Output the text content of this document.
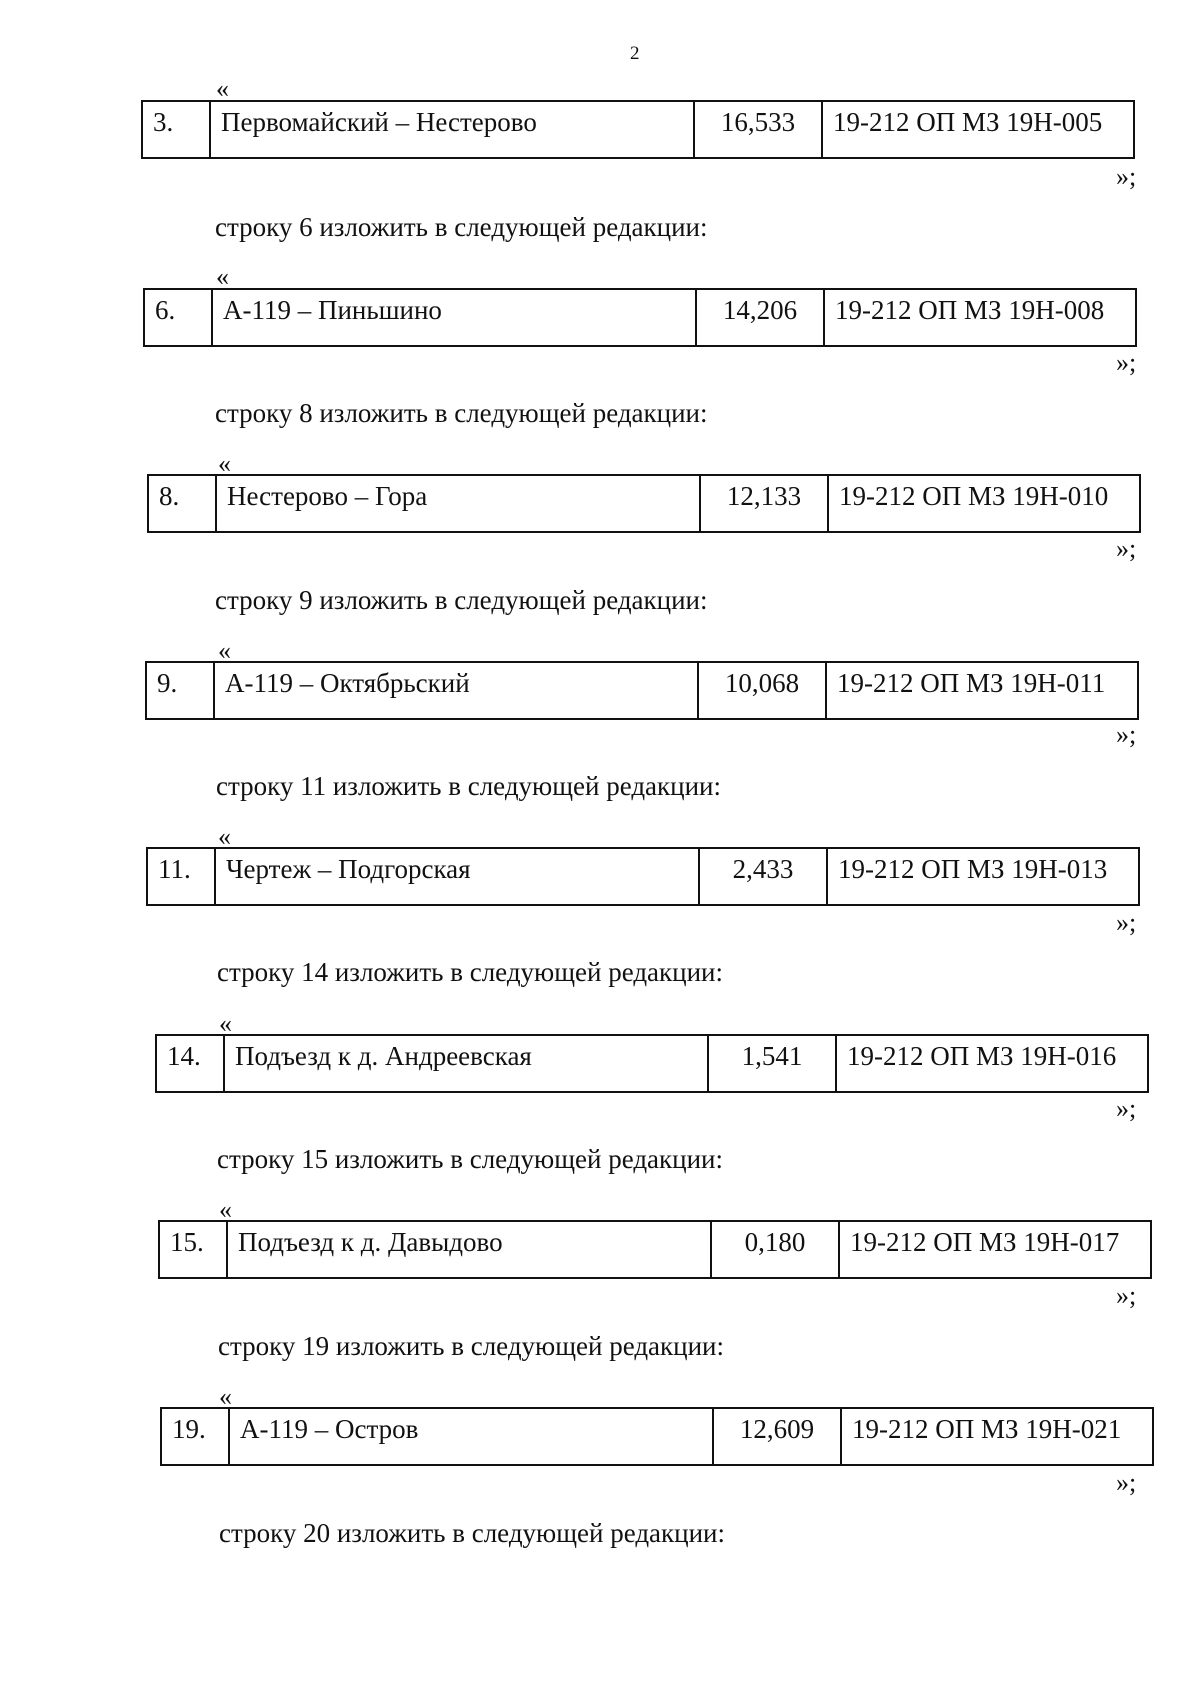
2
«
3.	Первомайский – Нестерово	16,533	19-212 ОП МЗ 19Н-005
»;
строку 6 изложить в следующей редакции:
«
6.	А-119 – Пиньшино	14,206	19-212 ОП МЗ 19Н-008
»;
строку 8 изложить в следующей редакции:
«
8.	Нестерово – Гора	12,133	19-212 ОП МЗ 19Н-010
»;
строку 9 изложить в следующей редакции:
«
9.	А-119 – Октябрьский	10,068	19-212 ОП МЗ 19Н-011
»;
строку 11 изложить в следующей редакции:
«
11.	Чертеж – Подгорская	2,433	19-212 ОП МЗ 19Н-013
»;
строку 14 изложить в следующей редакции:
«
14.	Подъезд к д. Андреевская	1,541	19-212 ОП МЗ 19Н-016
»;
строку 15 изложить в следующей редакции:
«
15.	Подъезд к д. Давыдово	0,180	19-212 ОП МЗ 19Н-017
»;
строку 19 изложить в следующей редакции:
«
19.	А-119 – Остров	12,609	19-212 ОП МЗ 19Н-021
»;
строку 20 изложить в следующей редакции:
